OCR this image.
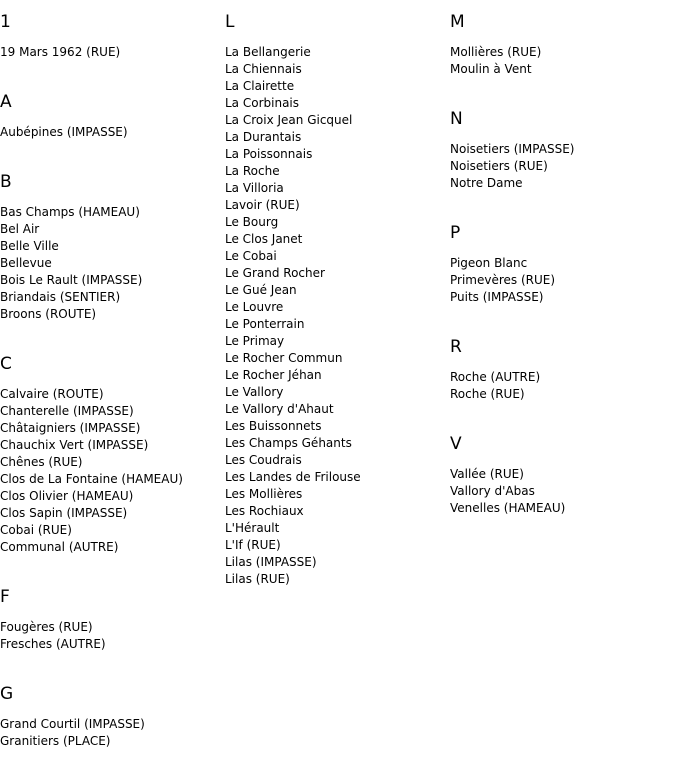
1
19 Mars 1962 (RUE)
A
Aubépines (IMPASSE)
B
Bas Champs (HAMEAU)
Bel Air
Belle Ville
Bellevue
Bois Le Rault (IMPASSE)
Briandais (SENTIER)
Broons (ROUTE)
C
Calvaire (ROUTE)
Chanterelle (IMPASSE)
Châtaigniers (IMPASSE)
Chauchix Vert (IMPASSE)
Chênes (RUE)
Clos de La Fontaine (HAMEAU)
Clos Olivier (HAMEAU)
Clos Sapin (IMPASSE)
Cobai (RUE)
Communal (AUTRE)
F
Fougères (RUE)
Fresches (AUTRE)
G
Grand Courtil (IMPASSE)
Granitiers (PLACE)
L
La Bellangerie
La Chiennais
La Clairette
La Corbinais
La Croix Jean Gicquel
La Durantais
La Poissonnais
La Roche
La Villoria
Lavoir (RUE)
Le Bourg
Le Clos Janet
Le Cobai
Le Grand Rocher
Le Gué Jean
Le Louvre
Le Ponterrain
Le Primay
Le Rocher Commun
Le Rocher Jéhan
Le Vallory
Le Vallory d'Ahaut
Les Buissonnets
Les Champs Géhants
Les Coudrais
Les Landes de Frilouse
Les Mollières
Les Rochiaux
L'Hérault
L'If (RUE)
Lilas (IMPASSE)
Lilas (RUE)
M
Mollières (RUE)
Moulin à Vent
N
Noisetiers (IMPASSE)
Noisetiers (RUE)
Notre Dame
P
Pigeon Blanc
Primevères (RUE)
Puits (IMPASSE)
R
Roche (AUTRE)
Roche (RUE)
V
Vallée (RUE)
Vallory d'Abas
Venelles (HAMEAU)
